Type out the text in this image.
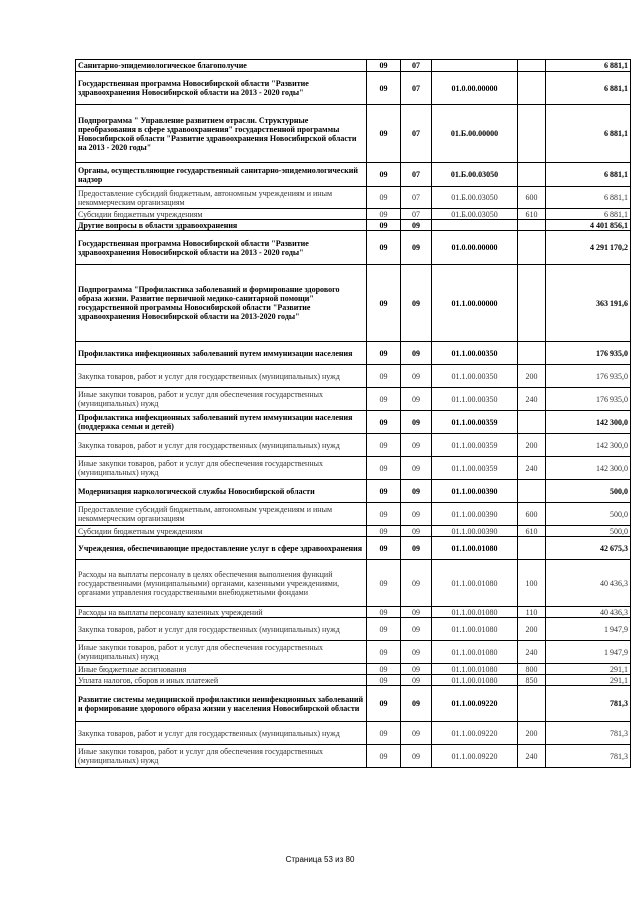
Санитарно-эпидемиологическое благополучие	09	07			6 881,1
Государственная программа Новосибирской области "Развитие здравоохранения Новосибирской области на 2013 - 2020 годы"	09	07	01.0.00.00000		6 881,1
Подпрограмма " Управление развитием отрасли. Структурные преобразования в сфере здравоохранения" государственной программы Новосибирской области "Развитие здравоохранения Новосибирской области на 2013 - 2020 годы"	09	07	01.Б.00.00000		6 881,1
Органы, осуществляющие государственный санитарно-эпидемиологический надзор	09	07	01.Б.00.03050		6 881,1
Предоставление субсидий бюджетным, автономным учреждениям и иным некоммерческим организациям	09	07	01.Б.00.03050	600	6 881,1
Субсидии бюджетным учреждениям	09	07	01.Б.00.03050	610	6 881,1
Другие вопросы в области здравоохранения	09	09			4 401 856,1
Государственная программа Новосибирской области "Развитие здравоохранения Новосибирской области на 2013 - 2020 годы"	09	09	01.0.00.00000		4 291 170,2
Подпрограмма "Профилактика заболеваний и формирование здорового образа жизни. Развитие первичной медико-санитарной помощи" государственной программы Новосибирской области "Развитие здравоохранения Новосибирской области на 2013-2020 годы"	09	09	01.1.00.00000		363 191,6
Профилактика инфекционных заболеваний путем иммунизации населения	09	09	01.1.00.00350		176 935,0
Закупка товаров, работ и услуг для государственных (муниципальных) нужд	09	09	01.1.00.00350	200	176 935,0
Иные закупки товаров, работ и услуг для обеспечения государственных (муниципальных) нужд	09	09	01.1.00.00350	240	176 935,0
Профилактика инфекционных заболеваний путем иммунизации населения (поддержка семьи и детей)	09	09	01.1.00.00359		142 300,0
Закупка товаров, работ и услуг для государственных (муниципальных) нужд	09	09	01.1.00.00359	200	142 300,0
Иные закупки товаров, работ и услуг для обеспечения государственных (муниципальных) нужд	09	09	01.1.00.00359	240	142 300,0
Модернизация наркологической службы Новосибирской области	09	09	01.1.00.00390		500,0
Предоставление субсидий бюджетным, автономным учреждениям и иным некоммерческим организациям	09	09	01.1.00.00390	600	500,0
Субсидии бюджетным учреждениям	09	09	01.1.00.00390	610	500,0
Учреждения, обеспечивающие предоставление услуг в сфере здравоохранения	09	09	01.1.00.01080		42 675,3
Расходы на выплаты персоналу в целях обеспечения выполнения функций государственными (муниципальными) органами, казенными учреждениями, органами управления государственными внебюджетными фондами	09	09	01.1.00.01080	100	40 436,3
Расходы на выплаты персоналу казенных учреждений	09	09	01.1.00.01080	110	40 436,3
Закупка товаров, работ и услуг для государственных (муниципальных) нужд	09	09	01.1.00.01080	200	1 947,9
Иные закупки товаров, работ и услуг для обеспечения государственных (муниципальных) нужд	09	09	01.1.00.01080	240	1 947,9
Иные бюджетные ассигнования	09	09	01.1.00.01080	800	291,1
Уплата налогов, сборов и иных платежей	09	09	01.1.00.01080	850	291,1
Развитие системы медицинской профилактики неинфекционных заболеваний и формирование здорового образа жизни у населения Новосибирской области	09	09	01.1.00.09220		781,3
Закупка товаров, работ и услуг для государственных (муниципальных) нужд	09	09	01.1.00.09220	200	781,3
Иные закупки товаров, работ и услуг для обеспечения государственных (муниципальных) нужд	09	09	01.1.00.09220	240	781,3
Страница 53 из 80
